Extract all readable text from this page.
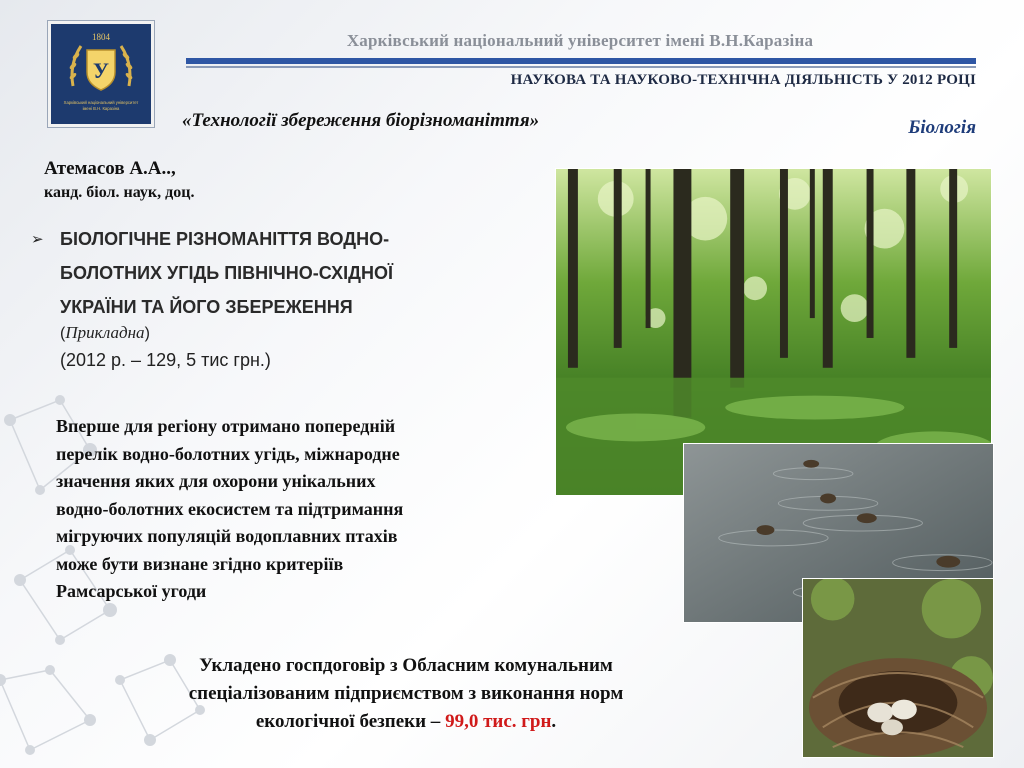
1804
У
Харківський національний університет
імені В.Н. Каразіна
Харківський національний університет імені В.Н.Каразіна
НАУКОВА ТА НАУКОВО-ТЕХНІЧНА ДІЯЛЬНІСТЬ У 2012 РОЦІ
«Технології збереження біорізноманіття»	Біологія
Атемасов А.А..,
канд. біол. наук, доц.
➢ БІОЛОГІЧНЕ РІЗНОМАНІТТЯ ВОДНО-
БОЛОТНИХ УГІДЬ ПІВНІЧНО-СХІДНОЇ
УКРАЇНИ ТА ЙОГО ЗБЕРЕЖЕННЯ
(Прикладна)
(2012 р. – 129, 5 тис грн.)
Вперше для регіону отримано попередній
перелік водно-болотних угідь, міжнародне
значення яких для охорони унікальних
водно-болотних екосистем та підтримання
мігруючих популяцій водоплавних птахів
може бути визнане згідно критеріїв
Рамсарської угоди
Укладено госпдоговір з Обласним комунальним
спеціалізованим підприємством з виконання норм
екологічної безпеки – 99,0 тис. грн.
